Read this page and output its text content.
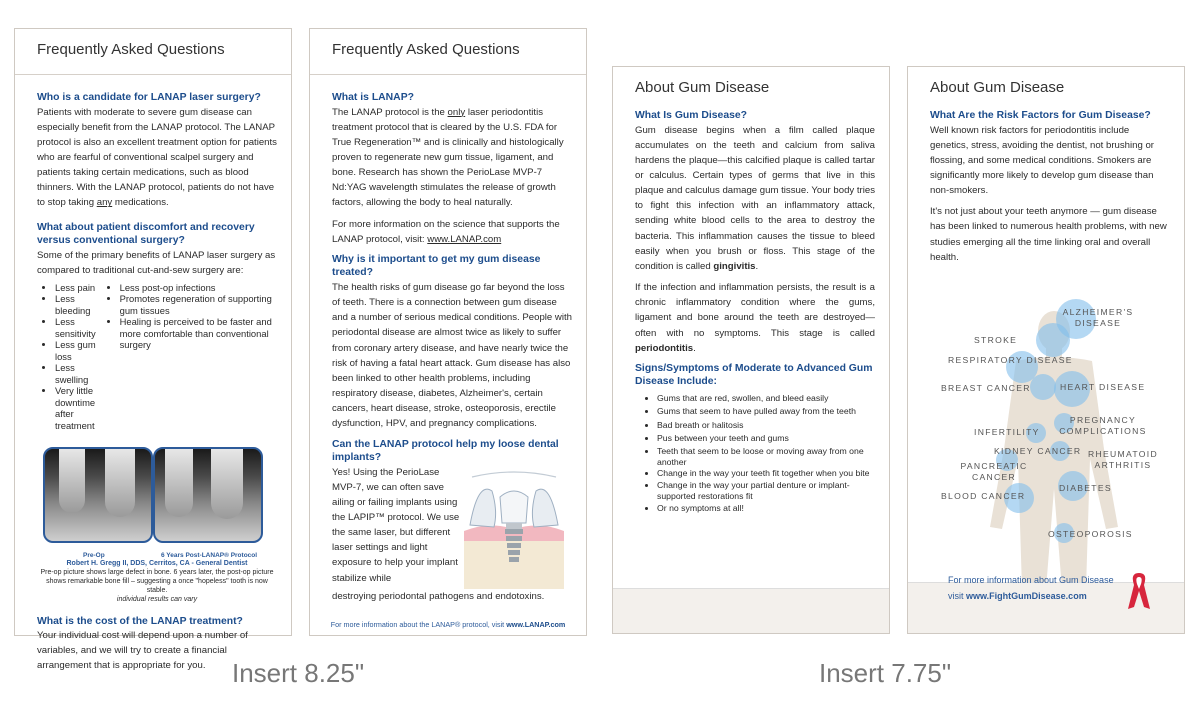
Frequently Asked Questions
Who is a candidate for LANAP laser surgery?

Patients with moderate to severe gum disease can especially benefit from the LANAP protocol. The LANAP protocol is also an excellent treatment option for patients who are fearful of conventional scalpel surgery and patients taking certain medications, such as blood thinners. With the LANAP protocol, patients do not have to stop taking any medications.

What about patient discomfort and recovery versus conventional surgery?

Some of the primary benefits of LANAP laser surgery as compared to traditional cut-and-sew surgery are:

• Less pain
• Less bleeding
• Less sensitivity
• Less gum loss
• Less swelling
• Very little downtime after treatment
• Less post-op infections
• Promotes regeneration of supporting gum tissues
• Healing is perceived to be faster and more comfortable than conventional surgery
Pre-Op	6 Years Post-LANAP® Protocol
Robert H. Gregg II, DDS, Cerritos, CA - General Dentist
Pre-op picture shows large defect in bone. 6 years later, the post-op picture shows remarkable bone fill – suggesting a once "hopeless" tooth is now stable.
individual results can vary
What is the cost of the LANAP treatment?

Your individual cost will depend upon a number of variables, and we will try to create a financial arrangement that is appropriate for you.

Frequently Asked Questions
What is LANAP?

The LANAP protocol is the only laser periodontitis treatment protocol that is cleared by the U.S. FDA for True Regeneration™ and is clinically and histologically proven to regenerate new gum tissue, ligament, and bone. Research has shown the PerioLase MVP-7 Nd:YAG wavelength stimulates the release of growth factors, allowing the body to heal naturally.

For more information on the science that supports the LANAP protocol, visit: www.LANAP.com

Why is it important to get my gum disease treated?

The health risks of gum disease go far beyond the loss of teeth. There is a connection between gum disease and a number of serious medical conditions. People with periodontal disease are almost twice as likely to suffer from coronary artery disease, and have nearly twice the risk of having a fatal heart attack. Gum disease has also been linked to other health problems, including respiratory disease, diabetes, Alzheimer's, certain cancers, heart disease, stroke, osteoporosis, erectile dysfunction, HPV, and pregnancy complications.

Can the LANAP protocol help my loose dental implants?

Yes! Using the PerioLase MVP-7, we can often save ailing or failing implants using the LAPIP™ protocol. We use the same laser, but different laser settings and light exposure to help your implant stabilize while

destroying periodontal pathogens and endotoxins.

For more information about the LANAP® protocol, visit www.LANAP.com
About Gum Disease
What Is Gum Disease?

Gum disease begins when a film called plaque accumulates on the teeth and calcium from saliva hardens the plaque—this calcified plaque is called tartar or calculus. Certain types of germs that live in this plaque and calculus damage gum tissue. Your body tries to fight this infection with an inflammatory attack, sending white blood cells to the area to destroy the bacteria. This inflammation causes the tissue to bleed easily when you brush or floss. This stage of the condition is called gingivitis.

If the infection and inflammation persists, the result is a chronic inflammatory condition where the gums, ligament and bone around the teeth are destroyed—often with no symptoms. This stage is called periodontitis.

Signs/Symptoms of Moderate to Advanced Gum Disease Include:
• Gums that are red, swollen, and bleed easily
• Gums that seem to have pulled away from the teeth
• Bad breath or halitosis
• Pus between your teeth and gums
• Teeth that seem to be loose or moving away from one another
• Change in the way your teeth fit together when you bite
• Change in the way your partial denture or implant-supported restorations fit
• Or no symptoms at all!
About Gum Disease
What Are the Risk Factors for Gum Disease?

Well known risk factors for periodontitis include genetics, stress, avoiding the dentist, not brushing or flossing, and some medical conditions. Smokers are significantly more likely to develop gum disease than non-smokers.

It's not just about your teeth anymore — gum disease has been linked to numerous health problems, with new studies emerging all the time linking oral and overall health.

ALZHEIMER'S DISEASE
STROKE
RESPIRATORY DISEASE
BREAST CANCER	HEART DISEASE
PREGNANCY COMPLICATIONS
INFERTILITY
KIDNEY CANCER RHEUMATOID ARTHRITIS
PANCREATIC CANCER
DIABETES
BLOOD CANCER
OSTEOPOROSIS
For more information about Gum Disease
visit www.FightGumDisease.com
Insert 8.25"	Insert 7.75"
